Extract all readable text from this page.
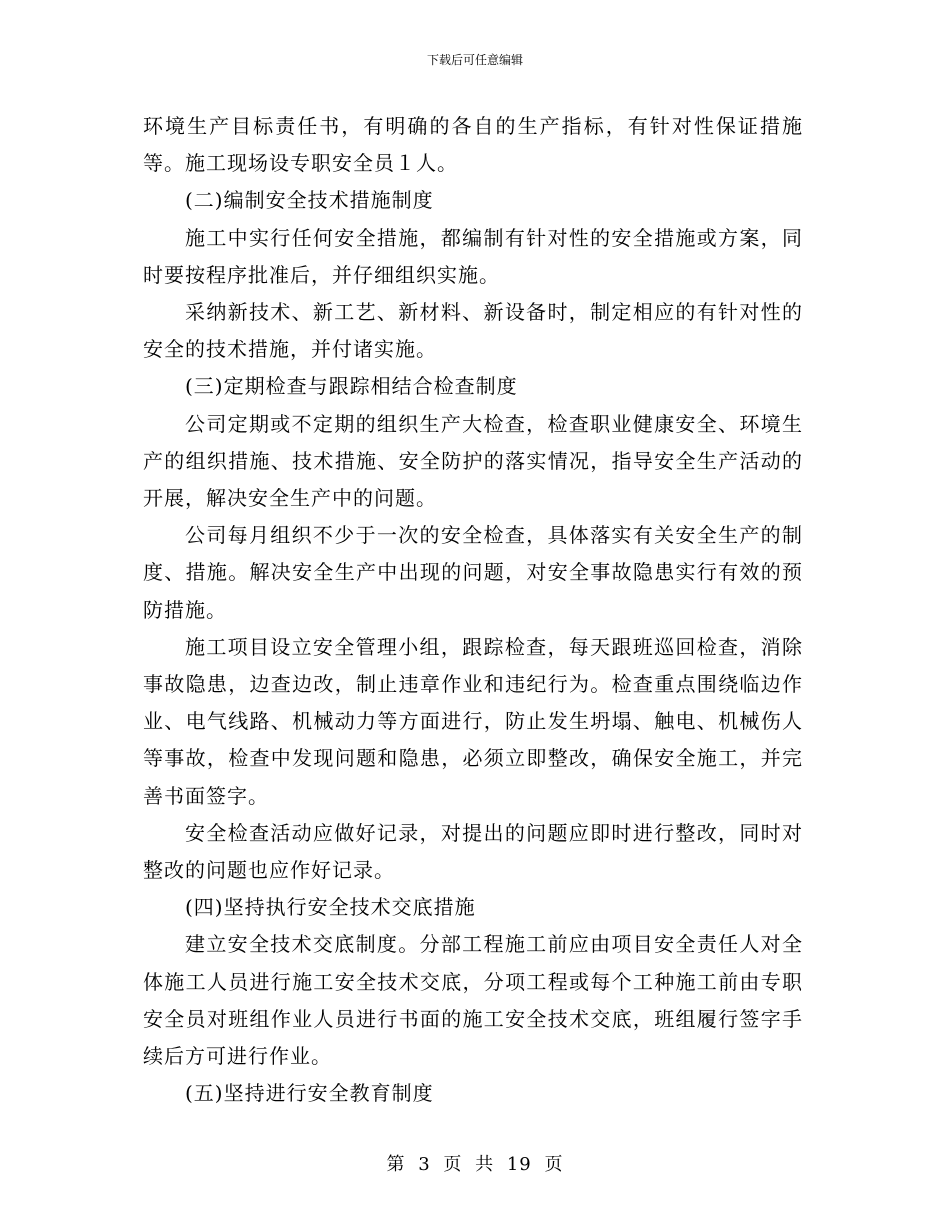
下载后可任意编辑

环境生产目标责任书，有明确的各自的生产指标，有针对性保证措施等。施工现场设专职安全员１人。

(二)编制安全技术措施制度

施工中实行任何安全措施，都编制有针对性的安全措施或方案，同时要按程序批准后，并仔细组织实施。

采纳新技术、新工艺、新材料、新设备时，制定相应的有针对性的安全的技术措施，并付诸实施。

(三)定期检查与跟踪相结合检查制度

公司定期或不定期的组织生产大检查，检查职业健康安全、环境生产的组织措施、技术措施、安全防护的落实情况，指导安全生产活动的开展，解决安全生产中的问题。

公司每月组织不少于一次的安全检查，具体落实有关安全生产的制度、措施。解决安全生产中出现的问题，对安全事故隐患实行有效的预防措施。

施工项目设立安全管理小组，跟踪检查，每天跟班巡回检查，消除事故隐患，边查边改，制止违章作业和违纪行为。检查重点围绕临边作业、电气线路、机械动力等方面进行，防止发生坍塌、触电、机械伤人等事故，检查中发现问题和隐患，必须立即整改，确保安全施工，并完善书面签字。

安全检查活动应做好记录，对提出的问题应即时进行整改，同时对整改的问题也应作好记录。

(四)坚持执行安全技术交底措施

建立安全技术交底制度。分部工程施工前应由项目安全责任人对全体施工人员进行施工安全技术交底，分项工程或每个工种施工前由专职安全员对班组作业人员进行书面的施工安全技术交底，班组履行签字手续后方可进行作业。

(五)坚持进行安全教育制度

第 3 页 共 19 页
